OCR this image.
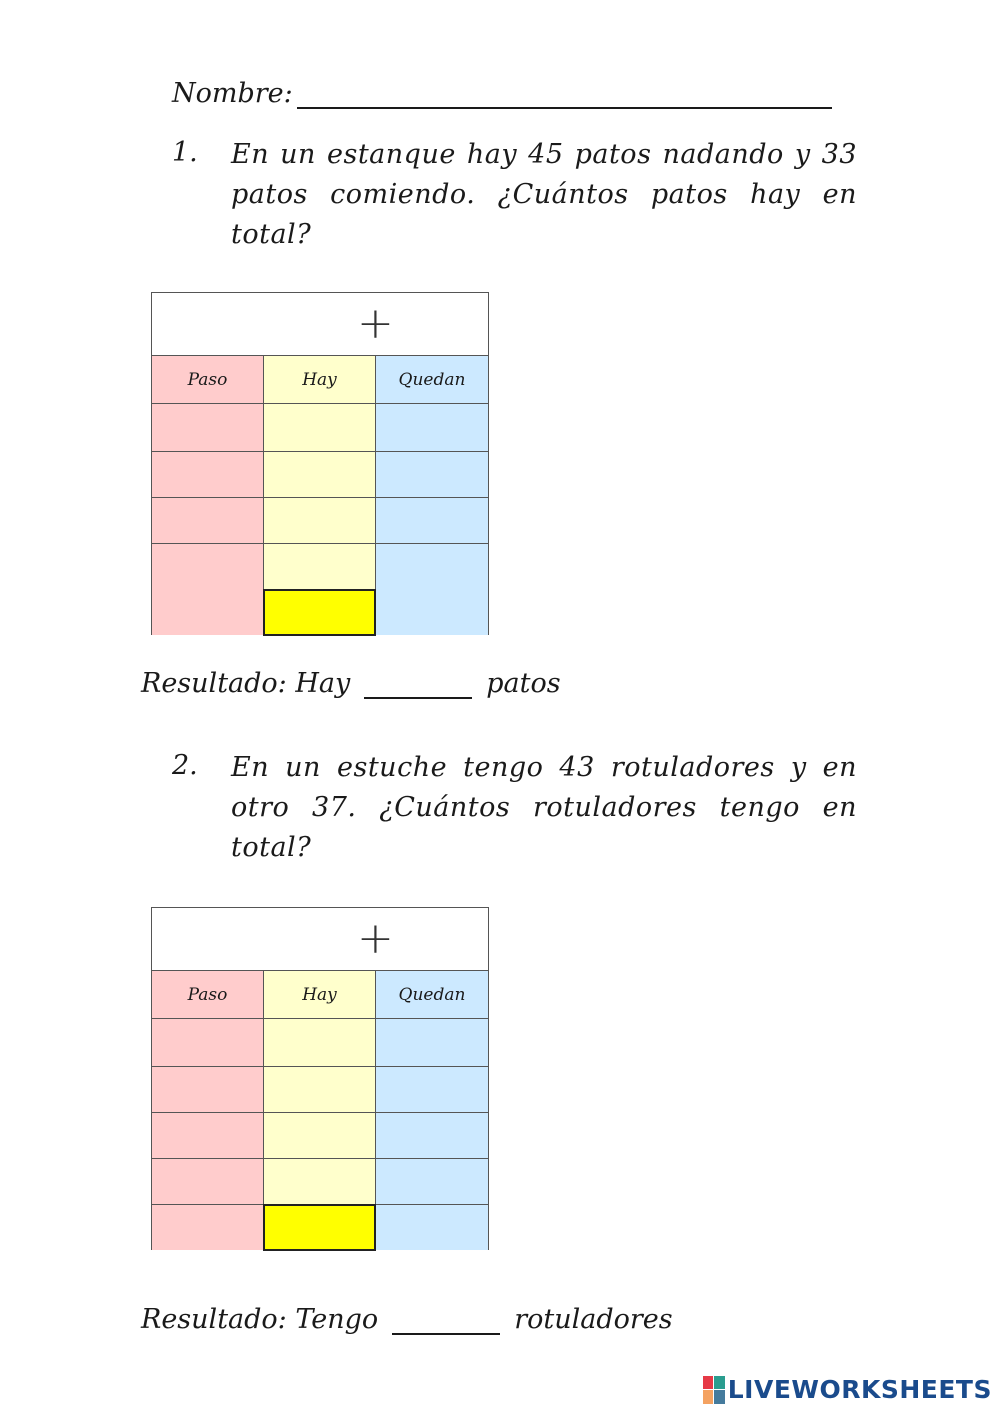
Nombre:
1. En un estanque hay 45 patos nadando y 33 patos comiendo. ¿Cuántos patos hay en total?
+
Paso	Hay	Quedan
Resultado: Hay	patos
2. En un estuche tengo 43 rotuladores y en otro 37. ¿Cuántos rotuladores tengo en total?
+
Paso	Hay	Quedan
Resultado: Tengo	rotuladores
LIVEWORKSHEETS
